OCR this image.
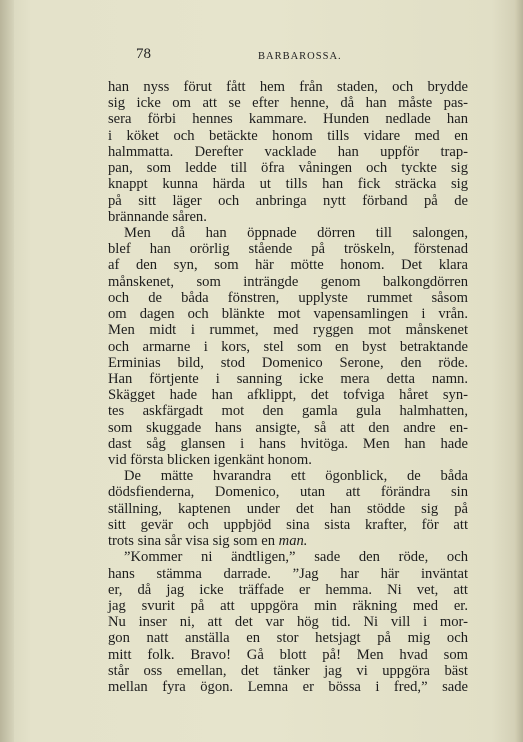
78	BARBAROSSA.
han nyss förut fått hem från staden, och brydde
sig icke om att se efter henne, då han måste pas-
sera förbi hennes kammare. Hunden nedlade han
i köket och betäckte honom tills vidare med en
halmmatta. Derefter vacklade han uppför trap-
pan, som ledde till öfra våningen och tyckte sig
knappt kunna härda ut tills han fick sträcka sig
på sitt läger och anbringa nytt förband på de
brännande såren.
Men då han öppnade dörren till salongen,
blef han orörlig stående på tröskeln, förstenad
af den syn, som här mötte honom. Det klara
månskenet, som inträngde genom balkongdörren
och de båda fönstren, upplyste rummet såsom
om dagen och blänkte mot vapensamlingen i vrån.
Men midt i rummet, med ryggen mot månskenet
och armarne i kors, stel som en byst betraktande
Erminias bild, stod Domenico Serone, den röde.
Han förtjente i sanning icke mera detta namn.
Skägget hade han afklippt, det tofviga håret syn-
tes askfärgadt mot den gamla gula halmhatten,
som skuggade hans ansigte, så att den andre en-
dast såg glansen i hans hvitöga. Men han hade
vid första blicken igenkänt honom.
De mätte hvarandra ett ögonblick, de båda
dödsfienderna, Domenico, utan att förändra sin
ställning, kaptenen under det han stödde sig på
sitt gevär och uppbjöd sina sista krafter, för att
trots sina sår visa sig som en man.
”Kommer ni ändtligen,” sade den röde, och
hans stämma darrade. ”Jag har här inväntat
er, då jag icke träffade er hemma. Ni vet, att
jag svurit på att uppgöra min räkning med er.
Nu inser ni, att det var hög tid. Ni vill i mor-
gon natt anställa en stor hetsjagt på mig och
mitt folk. Bravo! Gå blott på! Men hvad som
står oss emellan, det tänker jag vi uppgöra bäst
mellan fyra ögon. Lemna er bössa i fred,” sade
